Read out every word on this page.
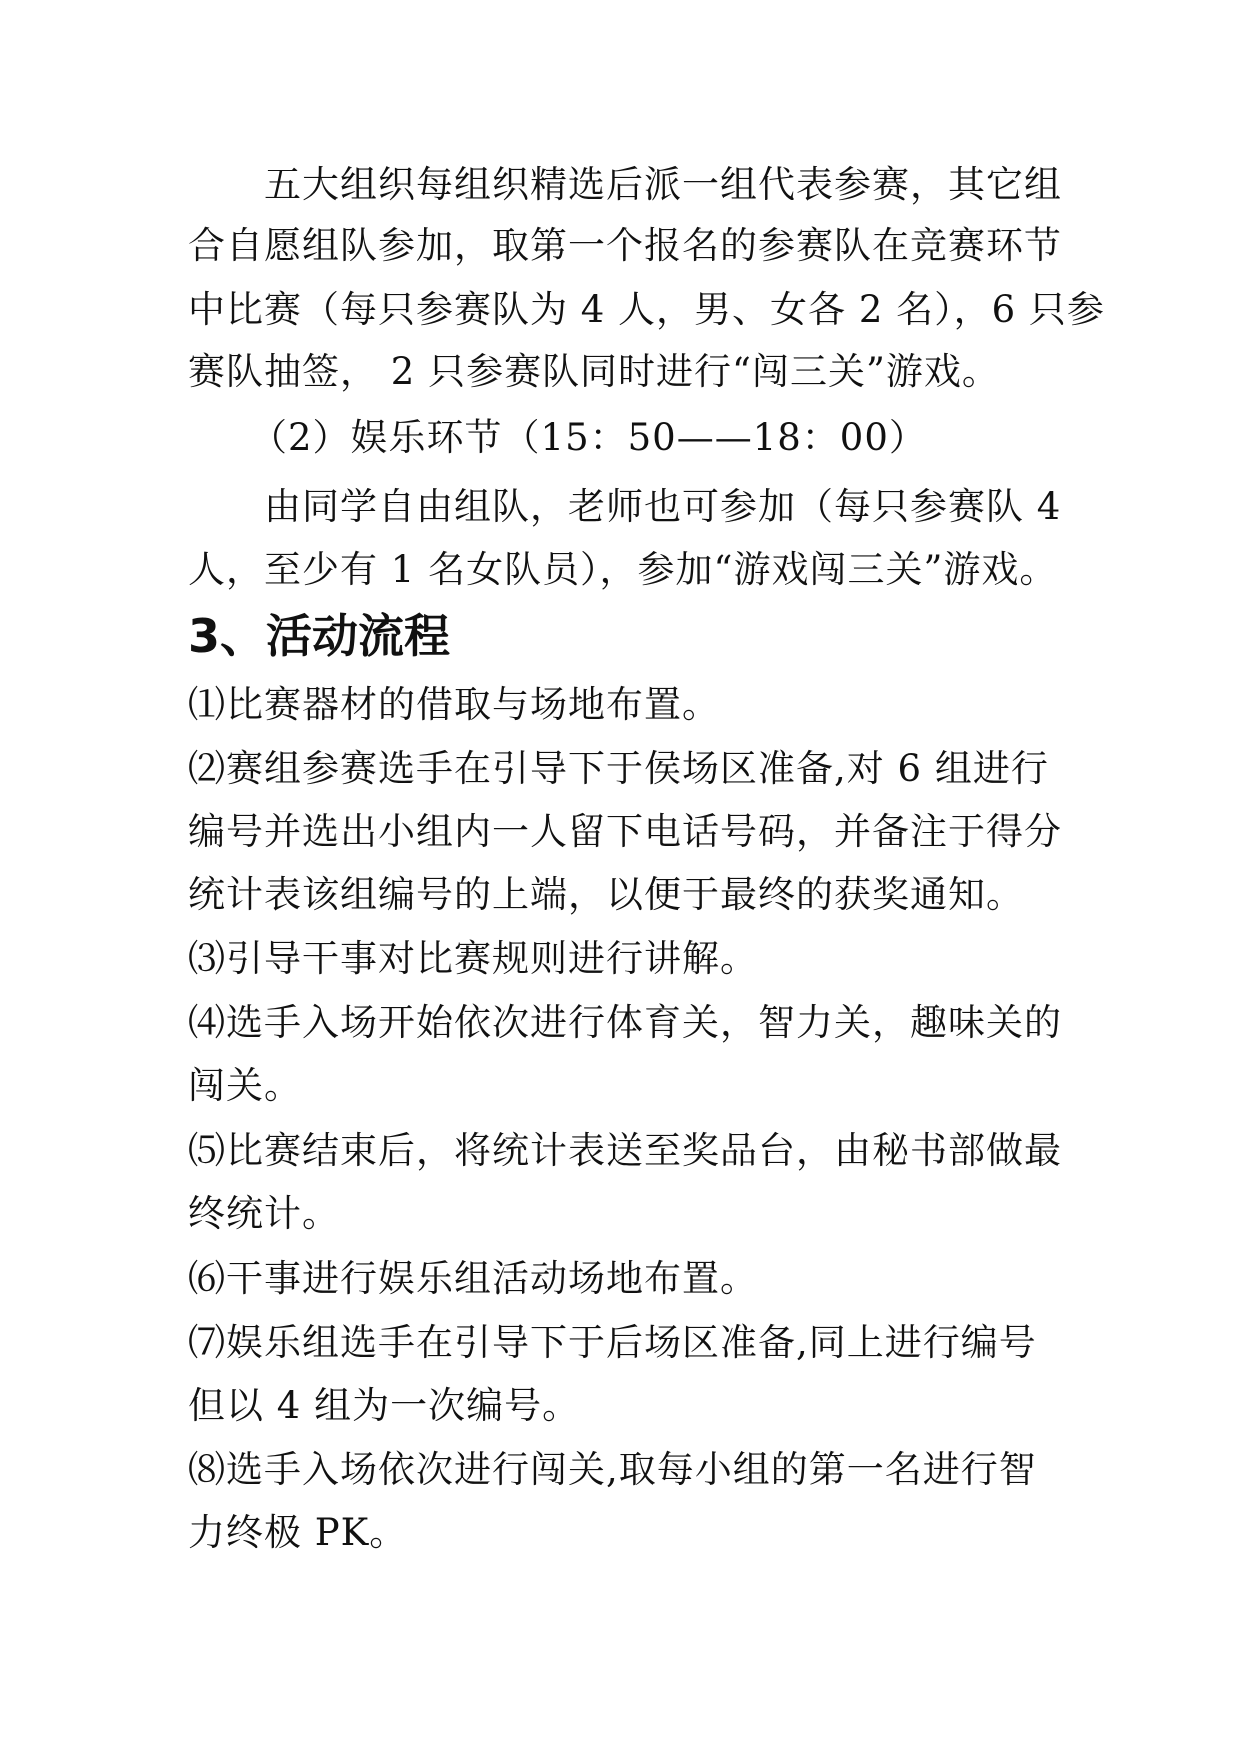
五大组织每组织精选后派一组代表参赛，其它组
合自愿组队参加，取第一个报名的参赛队在竞赛环节
中比赛（每只参赛队为 4 人，男、女各 2 名），6 只参
赛队抽签， 2 只参赛队同时进行“闯三关”游戏。
（2）娱乐环节（15：50——18：00）
由同学自由组队，老师也可参加（每只参赛队 4
人，至少有 1 名女队员），参加“游戏闯三关”游戏。
3、活动流程
⑴比赛器材的借取与场地布置。
⑵赛组参赛选手在引导下于侯场区准备,对 6 组进行
编号并选出小组内一人留下电话号码，并备注于得分
统计表该组编号的上端，以便于最终的获奖通知。
⑶引导干事对比赛规则进行讲解。
⑷选手入场开始依次进行体育关，智力关，趣味关的
闯关。
⑸比赛结束后，将统计表送至奖品台，由秘书部做最
终统计。
⑹干事进行娱乐组活动场地布置。
⑺娱乐组选手在引导下于后场区准备,同上进行编号
但以 4 组为一次编号。
⑻选手入场依次进行闯关,取每小组的第一名进行智
力终极 PK。
